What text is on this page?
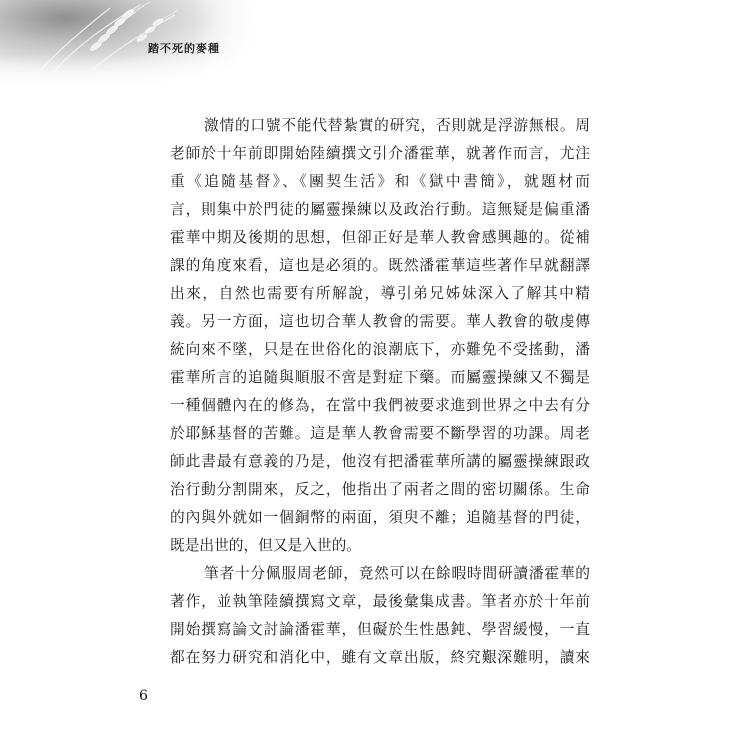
踏不死的麥種
激情的口號不能代替紮實的研究，否則就是浮游無根。周
老師於十年前即開始陸續撰文引介潘霍華，就著作而言，尤注
重《追隨基督》、《團契生活》和《獄中書簡》，就題材而
言，則集中於門徒的屬靈操練以及政治行動。這無疑是偏重潘
霍華中期及後期的思想，但卻正好是華人教會感興趣的。從補
課的角度來看，這也是必須的。既然潘霍華這些著作早就翻譯
出來，自然也需要有所解說，導引弟兄姊妹深入了解其中精
義。另一方面，這也切合華人教會的需要。華人教會的敬虔傳
統向來不墜，只是在世俗化的浪潮底下，亦難免不受搖動，潘
霍華所言的追隨與順服不啻是對症下藥。而屬靈操練又不獨是
一種個體內在的修為，在當中我們被要求進到世界之中去有分
於耶穌基督的苦難。這是華人教會需要不斷學習的功課。周老
師此書最有意義的乃是，他沒有把潘霍華所講的屬靈操練跟政
治行動分割開來，反之，他指出了兩者之間的密切關係。生命
的內與外就如一個銅幣的兩面，須臾不離；追隨基督的門徒，
既是出世的，但又是入世的。
筆者十分佩服周老師，竟然可以在餘暇時間研讀潘霍華的
著作，並執筆陸續撰寫文章，最後彙集成書。筆者亦於十年前
開始撰寫論文討論潘霍華，但礙於生性愚鈍、學習緩慢，一直
都在努力研究和消化中，雖有文章出版，終究艱深難明，讀來
6
